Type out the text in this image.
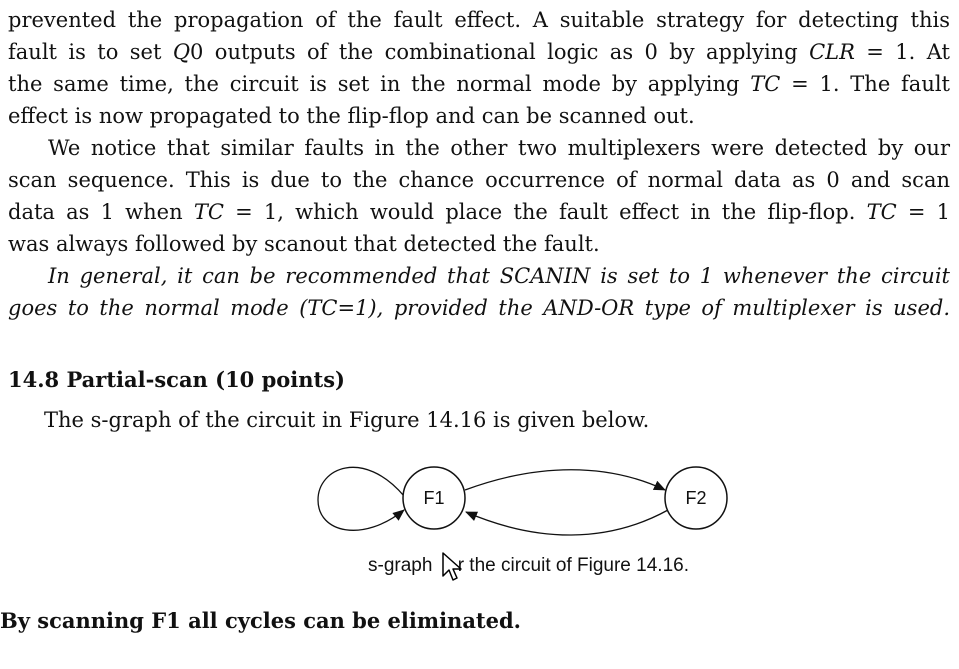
prevented the propagation of the fault effect. A suitable strategy for detecting this

fault is to set Q0 outputs of the combinational logic as 0 by applying CLR = 1. At

the same time, the circuit is set in the normal mode by applying TC = 1. The fault

effect is now propagated to the flip-flop and can be scanned out.

We notice that similar faults in the other two multiplexers were detected by our

scan sequence. This is due to the chance occurrence of normal data as 0 and scan

data as 1 when TC = 1, which would place the fault effect in the flip-flop. TC = 1

was always followed by scanout that detected the fault.

In general, it can be recommended that SCANIN is set to 1 whenever the circuit

goes to the normal mode (TC=1), provided the AND-OR type of multiplexer is used.

14.8 Partial-scan (10 points)

The s-graph of the circuit in Figure 14.16 is given below.

F1	F2

s-graph r the circuit of Figure 14.16.

By scanning F1 all cycles can be eliminated.
